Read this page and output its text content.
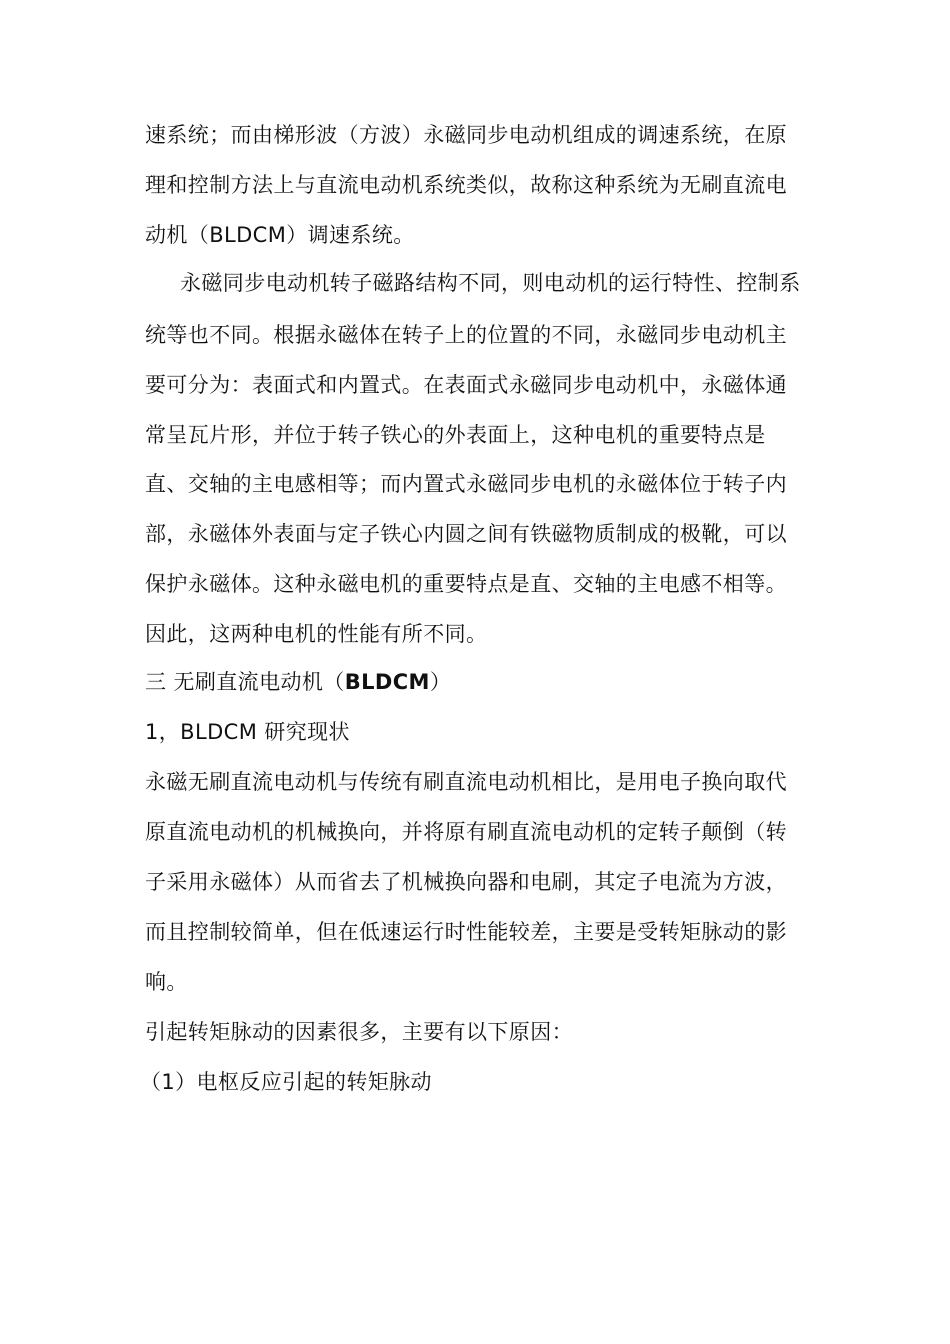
速系统；而由梯形波（方波）永磁同步电动机组成的调速系统，在原
理和控制方法上与直流电动机系统类似，故称这种系统为无刷直流电
动机（BLDCM）调速系统。
永磁同步电动机转子磁路结构不同，则电动机的运行特性、控制系
统等也不同。根据永磁体在转子上的位置的不同，永磁同步电动机主
要可分为：表面式和内置式。在表面式永磁同步电动机中，永磁体通
常呈瓦片形，并位于转子铁心的外表面上，这种电机的重要特点是
直、交轴的主电感相等；而内置式永磁同步电机的永磁体位于转子内
部，永磁体外表面与定子铁心内圆之间有铁磁物质制成的极靴，可以
保护永磁体。这种永磁电机的重要特点是直、交轴的主电感不相等。
因此，这两种电机的性能有所不同。
三 无刷直流电动机（BLDCM）
1，BLDCM 研究现状
永磁无刷直流电动机与传统有刷直流电动机相比，是用电子换向取代
原直流电动机的机械换向，并将原有刷直流电动机的定转子颠倒（转
子采用永磁体）从而省去了机械换向器和电刷，其定子电流为方波，
而且控制较简单，但在低速运行时性能较差，主要是受转矩脉动的影
响。
引起转矩脉动的因素很多，主要有以下原因：
（1）电枢反应引起的转矩脉动
